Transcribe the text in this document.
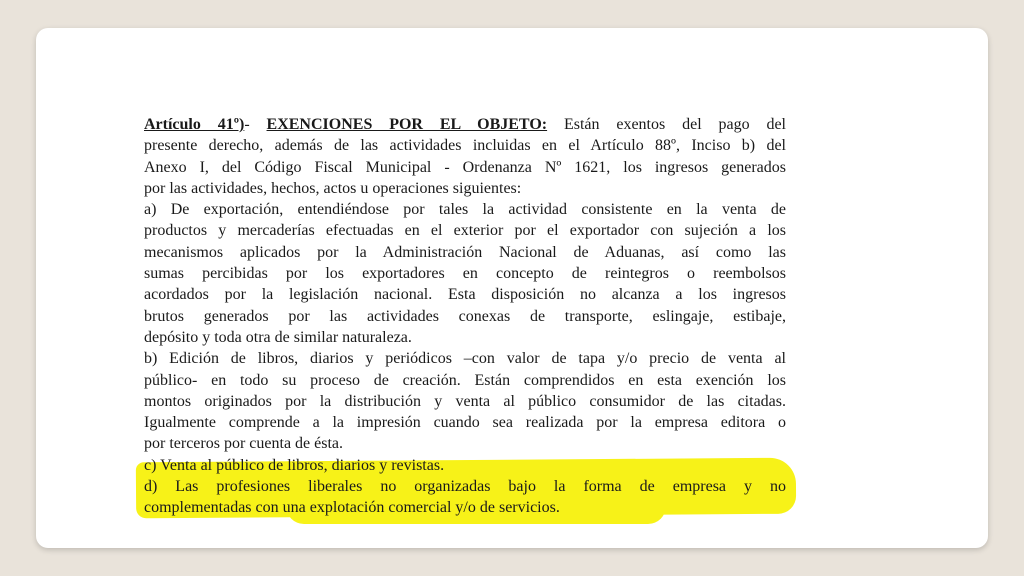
Artículo 41º)- EXENCIONES POR EL OBJETO: Están exentos del pago del
presente derecho, además de las actividades incluidas en el Artículo 88º, Inciso b) del
Anexo I, del Código Fiscal Municipal - Ordenanza Nº 1621, los ingresos generados
por las actividades, hechos, actos u operaciones siguientes:
a) De exportación, entendiéndose por tales la actividad consistente en la venta de
productos y mercaderías efectuadas en el exterior por el exportador con sujeción a los
mecanismos aplicados por la Administración Nacional de Aduanas, así como las
sumas percibidas por los exportadores en concepto de reintegros o reembolsos
acordados por la legislación nacional. Esta disposición no alcanza a los ingresos
brutos generados por las actividades conexas de transporte, eslingaje, estibaje,
depósito y toda otra de similar naturaleza.
b) Edición de libros, diarios y periódicos –con valor de tapa y/o precio de venta al
público- en todo su proceso de creación. Están comprendidos en esta exención los
montos originados por la distribución y venta al público consumidor de las citadas.
Igualmente comprende a la impresión cuando sea realizada por la empresa editora o
por terceros por cuenta de ésta.
c) Venta al público de libros, diarios y revistas.
d) Las profesiones liberales no organizadas bajo la forma de empresa y no
complementadas con una explotación comercial y/o de servicios.
